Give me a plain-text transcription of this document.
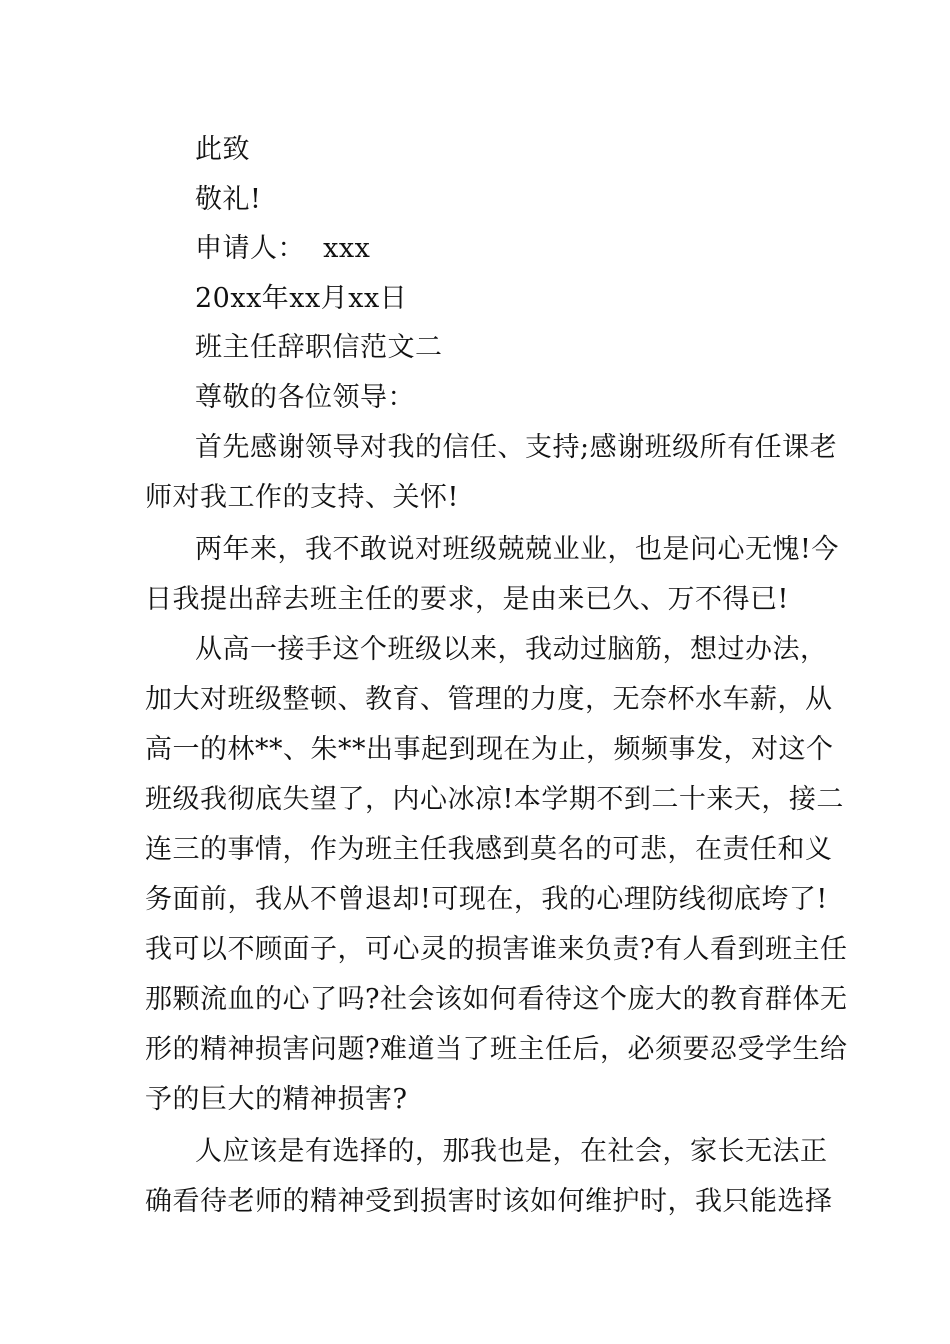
此致
敬礼!
申请人：  xxx
20xx年xx月xx日
班主任辞职信范文二
尊敬的各位领导：
首先感谢领导对我的信任、支持;感谢班级所有任课老
师对我工作的支持、关怀!
两年来，我不敢说对班级兢兢业业，也是问心无愧!今
日我提出辞去班主任的要求，是由来已久、万不得已!
从高一接手这个班级以来，我动过脑筋，想过办法，
加大对班级整顿、教育、管理的力度，无奈杯水车薪，从
高一的林**、朱**出事起到现在为止，频频事发，对这个
班级我彻底失望了，内心冰凉!本学期不到二十来天，接二
连三的事情，作为班主任我感到莫名的可悲，在责任和义
务面前，我从不曾退却!可现在，我的心理防线彻底垮了!
我可以不顾面子，可心灵的损害谁来负责?有人看到班主任
那颗流血的心了吗?社会该如何看待这个庞大的教育群体无
形的精神损害问题?难道当了班主任后，必须要忍受学生给
予的巨大的精神损害?
人应该是有选择的，那我也是，在社会，家长无法正
确看待老师的精神受到损害时该如何维护时，我只能选择
